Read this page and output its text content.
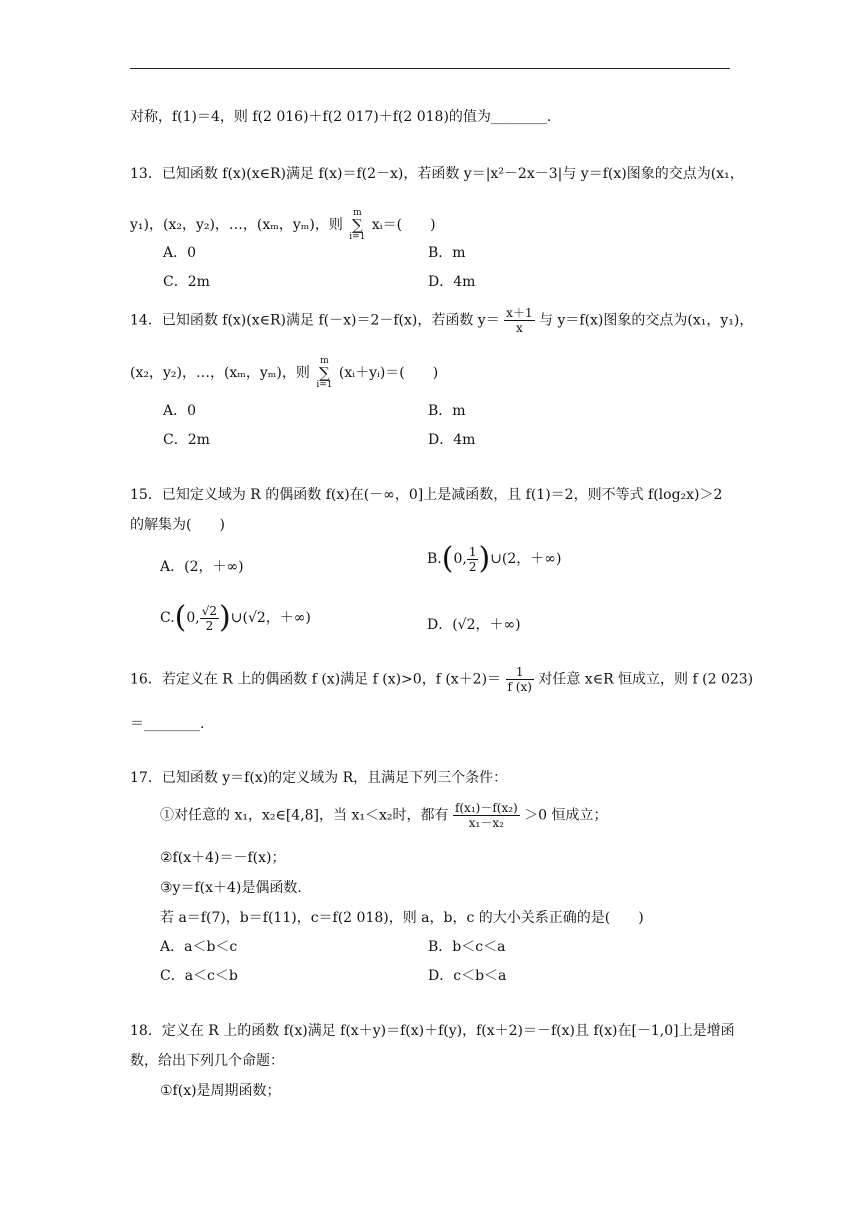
对称，f(1)＝4，则 f(2 016)＋f(2 017)＋f(2 018)的值为________.
13．已知函数 f(x)(x∈R)满足 f(x)＝f(2－x)，若函数 y＝|x²－2x－3|与 y＝f(x)图象的交点为(x₁，
y₁)，(x₂，y₂)，…，(xₘ，yₘ)，则 m
∑
i=1 xᵢ＝(　　)
A．0	B．m
C．2m	D．4m
14．已知函数 f(x)(x∈R)满足 f(－x)＝2－f(x)，若函数 $y= \frac{x+1}{x}$ 与 y＝f(x)图象的交点为(x₁，y₁)，
(x₂，y₂)，…，(xₘ，yₘ)，则 m
∑
i=1 (xᵢ＋yᵢ)＝(　　)
A．0	B．m
C．2m	D．4m
15．已知定义域为 R 的偶函数 f(x)在(－∞，0]上是减函数，且 f(1)＝2，则不等式 f(log₂x)＞2
的解集为(　　)
A．(2，＋∞)	B.(0, $\frac{1}{2}$ )∪(2，＋∞)
C.(0, $\frac{√2}{2}$ )∪(√2，＋∞)	D．(√2，＋∞)
16．若定义在 R 上的偶函数 f (x)满足 f (x)>0，f $(x+2)= \frac{1}{f (x)}$ 对任意 x∈R 恒成立，则 f (2 023)
＝________.
17．已知函数 y＝f(x)的定义域为 R，且满足下列三个条件：
①对任意的 x₁，x₂∈[4,8]，当 x₁＜x₂时，都有 $\frac{\text{f(x₁)－f(x₂)}}{\text{x₁－x₂}} >0$ 恒成立；
②f(x＋4)＝－f(x)；
③y＝f(x＋4)是偶函数.
若 a＝f(7)，b＝f(11)，c＝f(2 018)，则 a，b，c 的大小关系正确的是(　　)
A．a＜b＜c	B．b＜c＜a
C．a＜c＜b	D．c＜b＜a
18．定义在 R 上的函数 f(x)满足 f(x＋y)＝f(x)＋f(y)，f(x＋2)＝－f(x)且 f(x)在[－1,0]上是增函
数，给出下列几个命题：
①f(x)是周期函数；
